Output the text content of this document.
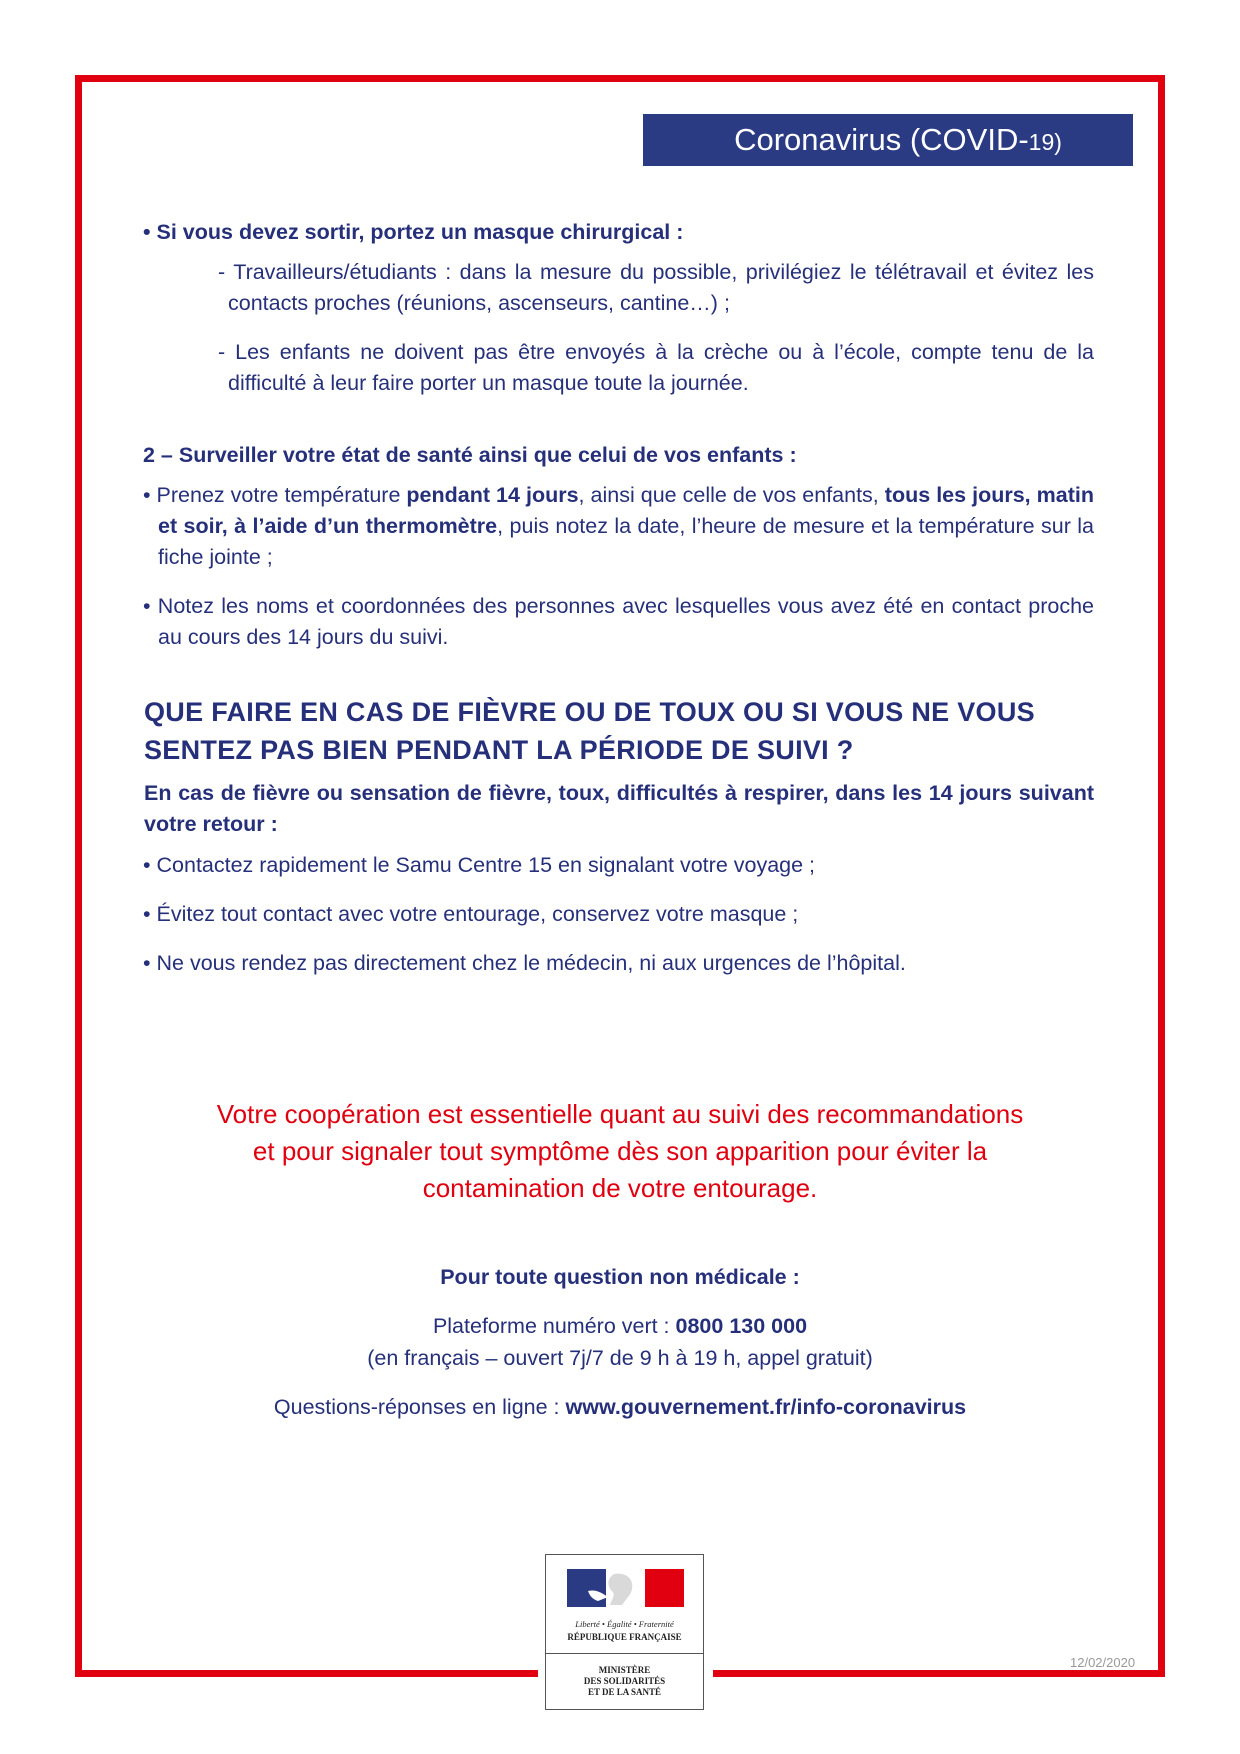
Coronavirus (COVID-19)
• Si vous devez sortir, portez un masque chirurgical :
- Travailleurs/étudiants : dans la mesure du possible, privilégiez le télétravail et évitez les contacts proches (réunions, ascenseurs, cantine…) ;
- Les enfants ne doivent pas être envoyés à la crèche ou à l’école, compte tenu de la difficulté à leur faire porter un masque toute la journée.
2 – Surveiller votre état de santé ainsi que celui de vos enfants :
• Prenez votre température pendant 14 jours, ainsi que celle de vos enfants, tous les jours, matin et soir, à l’aide d’un thermomètre, puis notez la date, l’heure de mesure et la température sur la fiche jointe ;
• Notez les noms et coordonnées des personnes avec lesquelles vous avez été en contact proche au cours des 14 jours du suivi.
QUE FAIRE EN CAS DE FIÈVRE OU DE TOUX OU SI VOUS NE VOUS
SENTEZ PAS BIEN PENDANT LA PÉRIODE DE SUIVI ?
En cas de fièvre ou sensation de fièvre, toux, difficultés à respirer, dans les 14 jours suivant votre retour :
• Contactez rapidement le Samu Centre 15 en signalant votre voyage ;
• Évitez tout contact avec votre entourage, conservez votre masque ;
• Ne vous rendez pas directement chez le médecin, ni aux urgences de l’hôpital.
Votre coopération est essentielle quant au suivi des recommandations
et pour signaler tout symptôme dès son apparition pour éviter la
contamination de votre entourage.
Pour toute question non médicale :
Plateforme numéro vert : 0800 130 000
(en français – ouvert 7j/7 de 9 h à 19 h, appel gratuit)
Questions-réponses en ligne : www.gouvernement.fr/info-coronavirus
Liberté • Égalité • Fraternité
RÉPUBLIQUE FRANÇAISE
MINISTÈRE
DES SOLIDARITÉS
ET DE LA SANTÉ
12/02/2020
